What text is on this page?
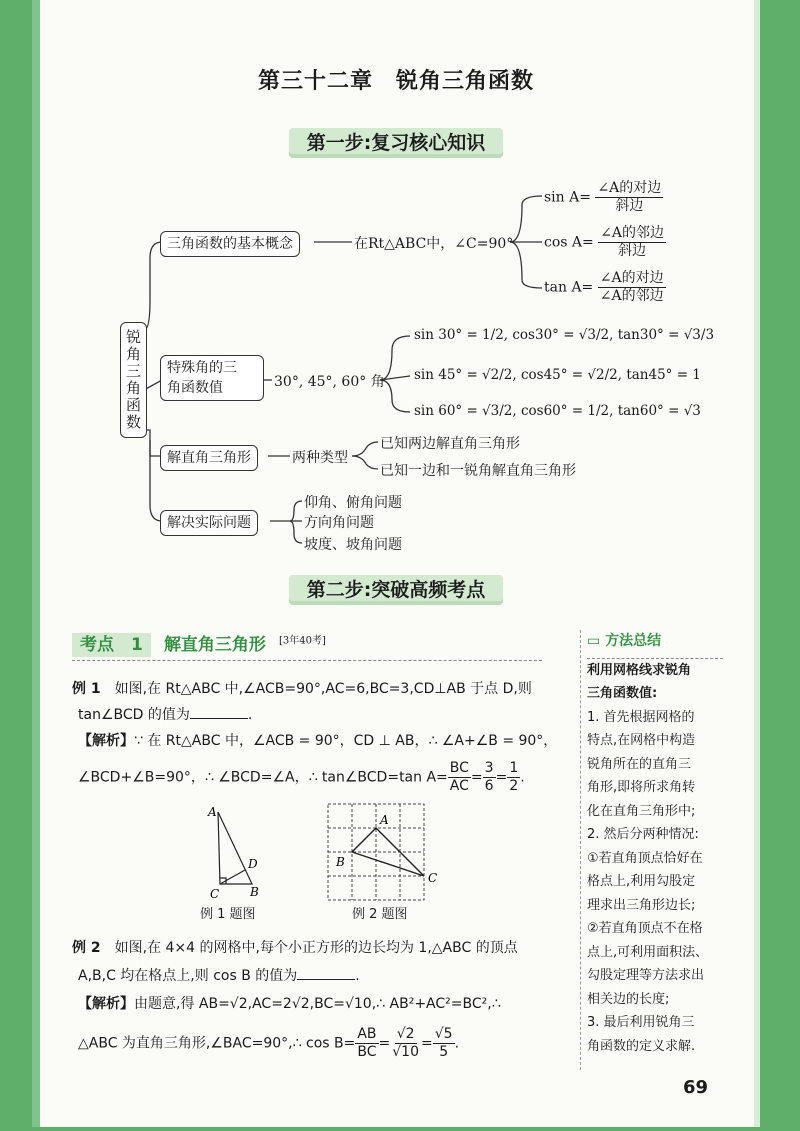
第三十二章　锐角三角函数
第一步:复习核心知识
锐角三角函数
三角函数的基本概念	在Rt△ABC中，∠C=90°
$\sin A= \frac{\text{∠A的对边}}{\text{斜边}}$
$\cos A= \frac{\text{∠A的邻边}}{\text{斜边}}$
$\tan A= \frac{\text{∠A的对边}}{\text{∠A的邻边}}$
特殊角的三
角函数值	30°, 45°, 60° 角
sin 30° = 1/2, cos30° = √3/2, tan30° = √3/3
sin 45° = √2/2, cos45° = √2/2, tan45° = 1
sin 60° = √3/2, cos60° = 1/2, tan60° = √3
解直角三角形	两种类型
已知两边解直角三角形
已知一边和一锐角解直角三角形
解决实际问题
仰角、俯角问题
方向角问题
坡度、坡角问题
第二步:突破高频考点
考点　 1 解直角三角形 [3年40考]
例 1　 如图,在 Rt△ABC 中,∠ACB=90°,AC=6,BC=3,CD⊥AB 于点 D,则
tan∠BCD 的值为	.
【解析】∵ 在 Rt△ABC 中，∠ACB = 90°，CD ⊥ AB，∴ ∠A+∠B = 90°，
∠BCD+∠B=90°，∴ ∠BCD=∠A，∴ tan∠BCD=tan $A= \frac{BC}{AC} = \frac{3}{6} = \frac{1}{2}$ .
A
D
C	B
例 1 题图
A
B
C
例 2 题图
例 2　 如图,在 4×4 的网格中,每个小正方形的边长均为 1,△ABC 的顶点
A,B,C 均在格点上,则 cos B 的值为	.
【解析】由题意,得 AB=√2,AC=2√2,BC=√10,∴ AB²+AC²=BC²,∴
△ABC 为直角三角形,∠BAC=90°,∴ $\cos B= \frac{AB}{BC} = \frac{√2}{√10} = \frac{√5}{5}$ .
▭ 方法总结
利用网格线求锐角
三角函数值:
1. 首先根据网格的
特点,在网格中构造
锐角所在的直角三
角形,即将所求角转
化在直角三角形中;
2. 然后分两种情况:
①若直角顶点恰好在
格点上,利用勾股定
理求出三角形边长;
②若直角顶点不在格
点上,可利用面积法、
勾股定理等方法求出
相关边的长度;
3. 最后利用锐角三
角函数的定义求解.
69
